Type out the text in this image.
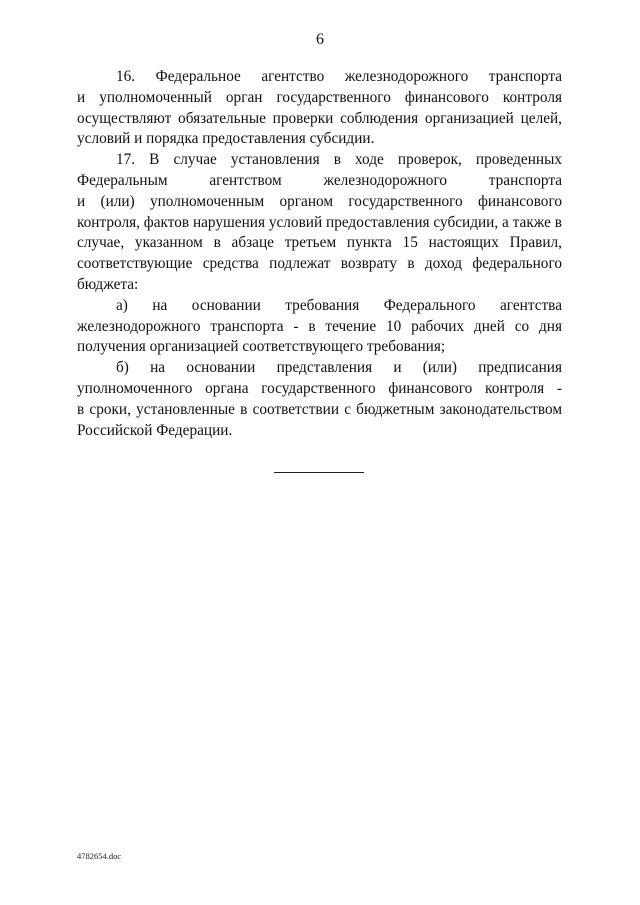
6

16. Федеральное агентство железнодорожного транспорта
и уполномоченный орган государственного финансового контроля
осуществляют обязательные проверки соблюдения организацией целей,
условий и порядка предоставления субсидии.

17. В случае установления в ходе проверок, проведенных
Федеральным агентством железнодорожного транспорта
и (или) уполномоченным органом государственного финансового
контроля, фактов нарушения условий предоставления субсидии, а также в
случае, указанном в абзаце третьем пункта 15 настоящих Правил,
соответствующие средства подлежат возврату в доход федерального
бюджета:

а) на основании требования Федерального агентства
железнодорожного транспорта - в течение 10 рабочих дней со дня
получения организацией соответствующего требования;

б) на основании представления и (или) предписания
уполномоченного органа государственного финансового контроля -
в сроки, установленные в соответствии с бюджетным законодательством
Российской Федерации.

4782654.doc
